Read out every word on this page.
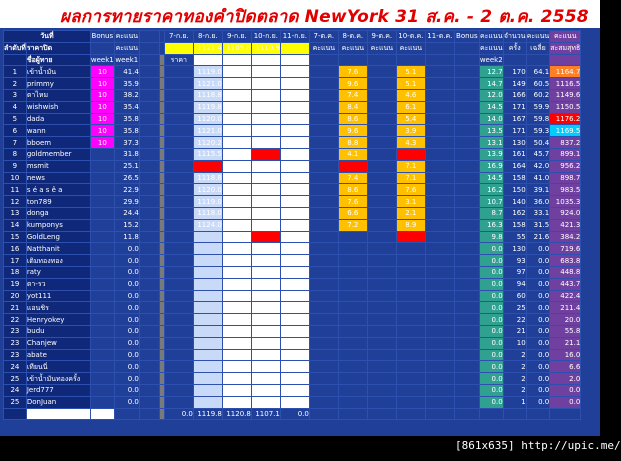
ผลการทายราคาทองคำปิดตลาด NewYork 31 ส.ค. - 2 ต.ค. 2558
วันที่		Bonus	คะแนน			7-ก.ย.	8-ก.ย.	9-ก.ย.	10-ก.ย.	11-ก.ย.	7-ต.ค.	8-ต.ค.	9-ต.ค.	10-ต.ค.	11-ต.ค.	Bonus	คะแนน	จำนวน	คะแนน	คะแนน
ลำดับที่	ราคาปิด		คะแนน				1121.4	1105.8	1110.9		คะแนน	คะแนน	คะแนน	คะแนน			คะแนน	ครั้ง	เฉลี่ย	สะสมสุทธิ
	ชื่อผู้ทาย	week1	week1			ราคา	ราคา	ราคา	ราคา	ราคา							week2			
1	เข้าน้ำมัน	10	41.4				1119.0	1120.0	1106.0			7.6		5.1			12.7	170	64.1	1164.7
2	primmy	10	35.9				1121.0	1120.0	1106.0			9.6		5.1			14.7	149	60.5	1116.5
3	ตาไหม	10	38.2				1118.8	1119.9	1105.5			7.4		4.6			12.0	166	60.2	1149.6
4	wishwish	10	35.4				1119.8	1121.5	1107.0			8.4		6.1			14.5	171	59.9	1150.5
5	dada	10	35.8				1120.0	1120.8	1106.3			8.6		5.4			14.0	167	59.8	1176.2
6	wann	10	35.8				1121.0	1121.8	1104.8			9.6		3.9			13.5	171	59.3	1169.5
7	bboem	10	37.3				1120.2	1122.2	1105.2			8.8		4.3			13.1	130	50.4	837.2
8	goldmember		31.8				1115.5	1125.5				4.1					13.9	161	45.7	899.1
9	msmit		25.1					1119.3	1108.0					7.1			16.9	164	42.0	956.2
10	news		26.5				1118.8	1121.0	1108.0			7.4		7.1			14.5	158	41.0	898.7
11	s é a s ê a		22.9				1120.0	1120.0	1108.5			8.6		7.6			16.2	150	39.1	983.5
12	ton789		29.9				1119.0	1118.0	1104.0			7.6		3.1			10.7	140	36.0	1035.3
13	donga		24.4				1118.0	1120.0	1103.0			6.6		2.1			8.7	162	33.1	924.0
14	kumponys		15.2				1124.0		1110.0			7.2		8.9			16.3	158	31.5	421.3
15	GoldLeng		11.8														9.8	55	21.6	384.2
16	Natthanit		0.0														0.0	130	0.0	719.6
17	เติมทองทอง		0.0														0.0	93	0.0	683.8
18	raty		0.0														0.0	97	0.0	448.8
19	ตา-รว		0.0														0.0	94	0.0	443.7
20	yot111		0.0														0.0	60	0.0	422.4
21	แอนชิร		0.0														0.0	25	0.0	211.4
22	Henryokey		0.0														0.0	22	0.0	20.0
23	budu		0.0														0.0	21	0.0	55.8
23	Chanjew		0.0														0.0	10	0.0	21.1
23	abate		0.0														0.0	2	0.0	16.0
24	เทียนนี่		0.0														0.0	2	0.0	6.6
25	เข้าน้ำมันทองครั้ง		0.0														0.0	2	0.0	2.0
24	Jerd777		0.0														0.0	2	0.0	0.0
25	DonJuan		0.0														0.0	1	0.0	0.0
	ราคาเฉลี่ย					0.0	1119.8	1120.8	1107.1	0.0										
[861x635] http://upic.me/
